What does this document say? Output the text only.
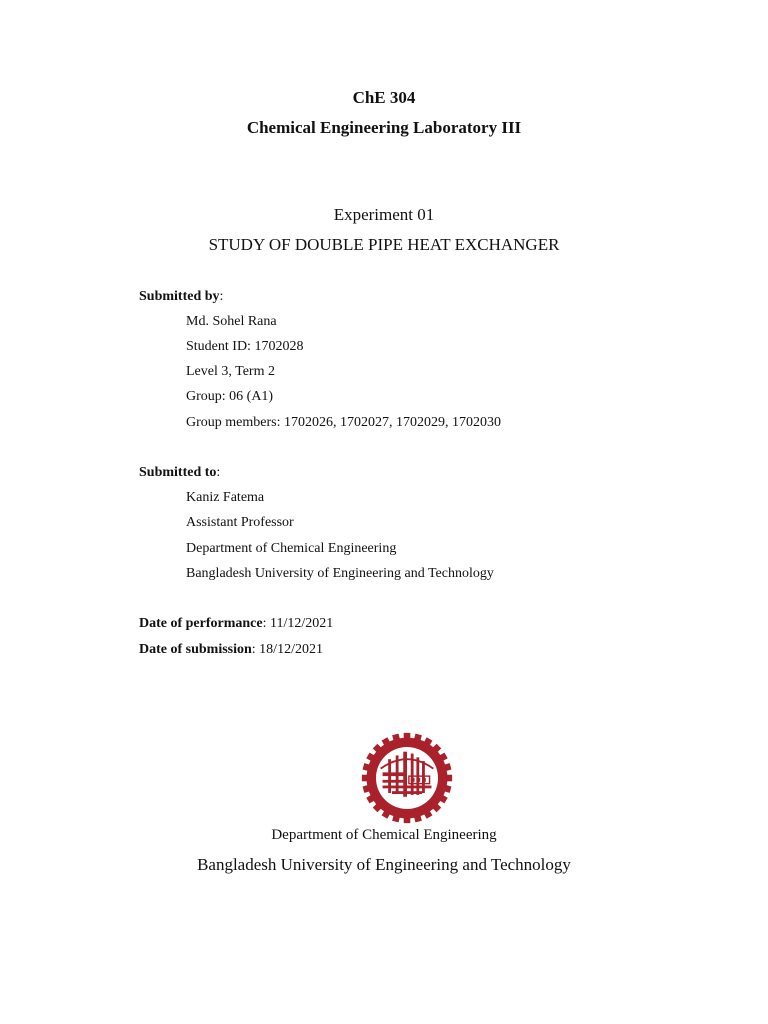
ChE 304
Chemical Engineering Laboratory III
Experiment 01
STUDY OF DOUBLE PIPE HEAT EXCHANGER
Submitted by:
Md. Sohel Rana
Student ID: 1702028
Level 3, Term 2
Group: 06 (A1)
Group members: 1702026, 1702027, 1702029, 1702030
Submitted to:
Kaniz Fatema
Assistant Professor
Department of Chemical Engineering
Bangladesh University of Engineering and Technology
Date of performance: 11/12/2021
Date of submission: 18/12/2021
Department of Chemical Engineering
Bangladesh University of Engineering and Technology
